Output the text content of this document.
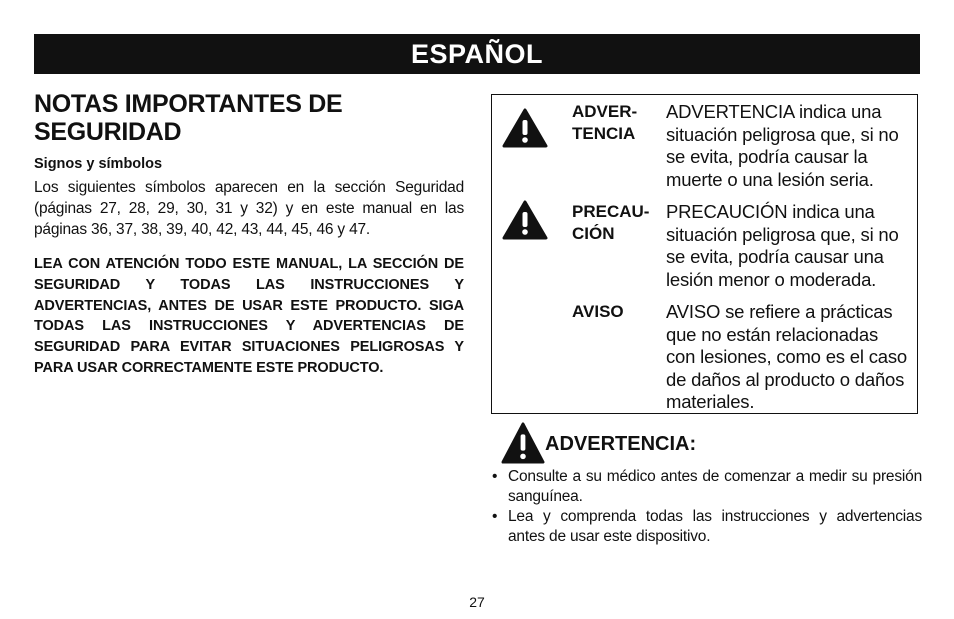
ESPAÑOL
NOTAS IMPORTANTES DE
SEGURIDAD
Signos y símbolos
Los siguientes símbolos aparecen en la sección Seguridad (páginas 27, 28, 29, 30, 31 y 32) y en este manual en las páginas 36, 37, 38, 39, 40, 42, 43, 44, 45, 46 y 47.
LEA CON ATENCIÓN TODO ESTE MANUAL, LA SECCIÓN DE SEGURIDAD Y TODAS LAS INSTRUCCIONES Y ADVERTENCIAS, ANTES DE USAR ESTE PRODUCTO. SIGA TODAS LAS INSTRUCCIONES Y ADVERTENCIAS DE SEGURIDAD PARA EVITAR SITUACIONES PELIGROSAS Y PARA USAR CORRECTAMENTE ESTE PRODUCTO.
ADVER-
TENCIA
ADVERTENCIA indica una situación peligrosa que, si no se evita, podría causar la muerte o una lesión seria.
PRECAU-
CIÓN
PRECAUCIÓN indica una situación peligrosa que, si no se evita, podría causar una lesión menor o moderada.
AVISO AVISO se refiere a prácticas que no están relacionadas con lesiones, como es el caso de daños al producto o daños materiales.
ADVERTENCIA:
• Consulte a su médico antes de comenzar a medir su presión sanguínea.
• Lea y comprenda todas las instrucciones y advertencias antes de usar este dispositivo.
27
